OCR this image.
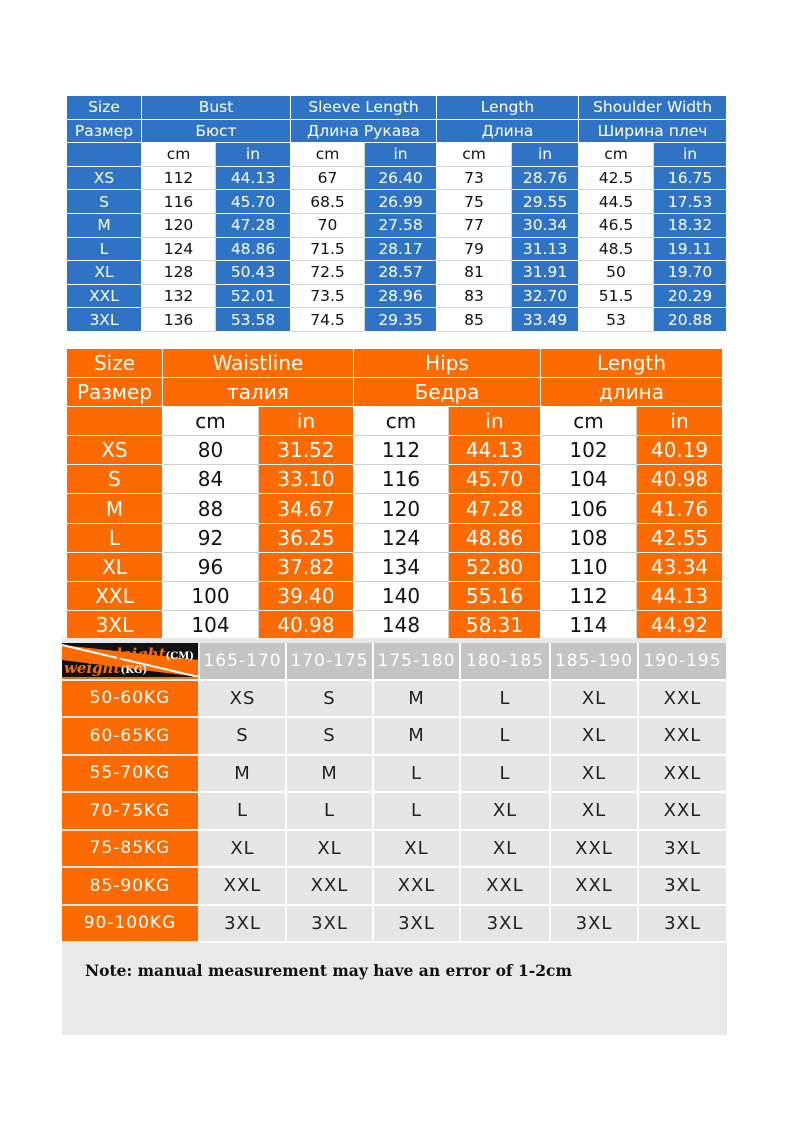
Size	Bust		Sleeve Length		Length		Shoulder Width	
Размер	Бюст		Длина Рукава		Длина		Ширина плеч	
	cm	in	cm	in	cm	in	cm	in
XS	112	44.13	67	26.40	73	28.76	42.5	16.75
S	116	45.70	68.5	26.99	75	29.55	44.5	17.53
M	120	47.28	70	27.58	77	30.34	46.5	18.32
L	124	48.86	71.5	28.17	79	31.13	48.5	19.11
XL	128	50.43	72.5	28.57	81	31.91	50	19.70
XXL	132	52.01	73.5	28.96	83	32.70	51.5	20.29
3XL	136	53.58	74.5	29.35	85	33.49	53	20.88
Size	Waistline		Hips		Length	
Размер	талия		Бедра		длина	
	cm	in	cm	in	cm	in
XS	80	31.52	112	44.13	102	40.19
S	84	33.10	116	45.70	104	40.98
M	88	34.67	120	47.28	106	41.76
L	92	36.25	124	48.86	108	42.55
XL	96	37.82	134	52.80	110	43.34
XXL	100	39.40	140	55.16	112	44.13
3XL	104	40.98	148	58.31	114	44.92
leight(CM)
weight(KG)	165-170	170-175	175-180	180-185	185-190	190-195
50-60KG	XS	S	M	L	XL	XXL
60-65KG	S	S	M	L	XL	XXL
55-70KG	M	M	L	L	XL	XXL
70-75KG	L	L	L	XL	XL	XXL
75-85KG	XL	XL	XL	XL	XXL	3XL
85-90KG	XXL	XXL	XXL	XXL	XXL	3XL
90-100KG	3XL	3XL	3XL	3XL	3XL	3XL
Note: manual measurement may have an error of 1-2cm
